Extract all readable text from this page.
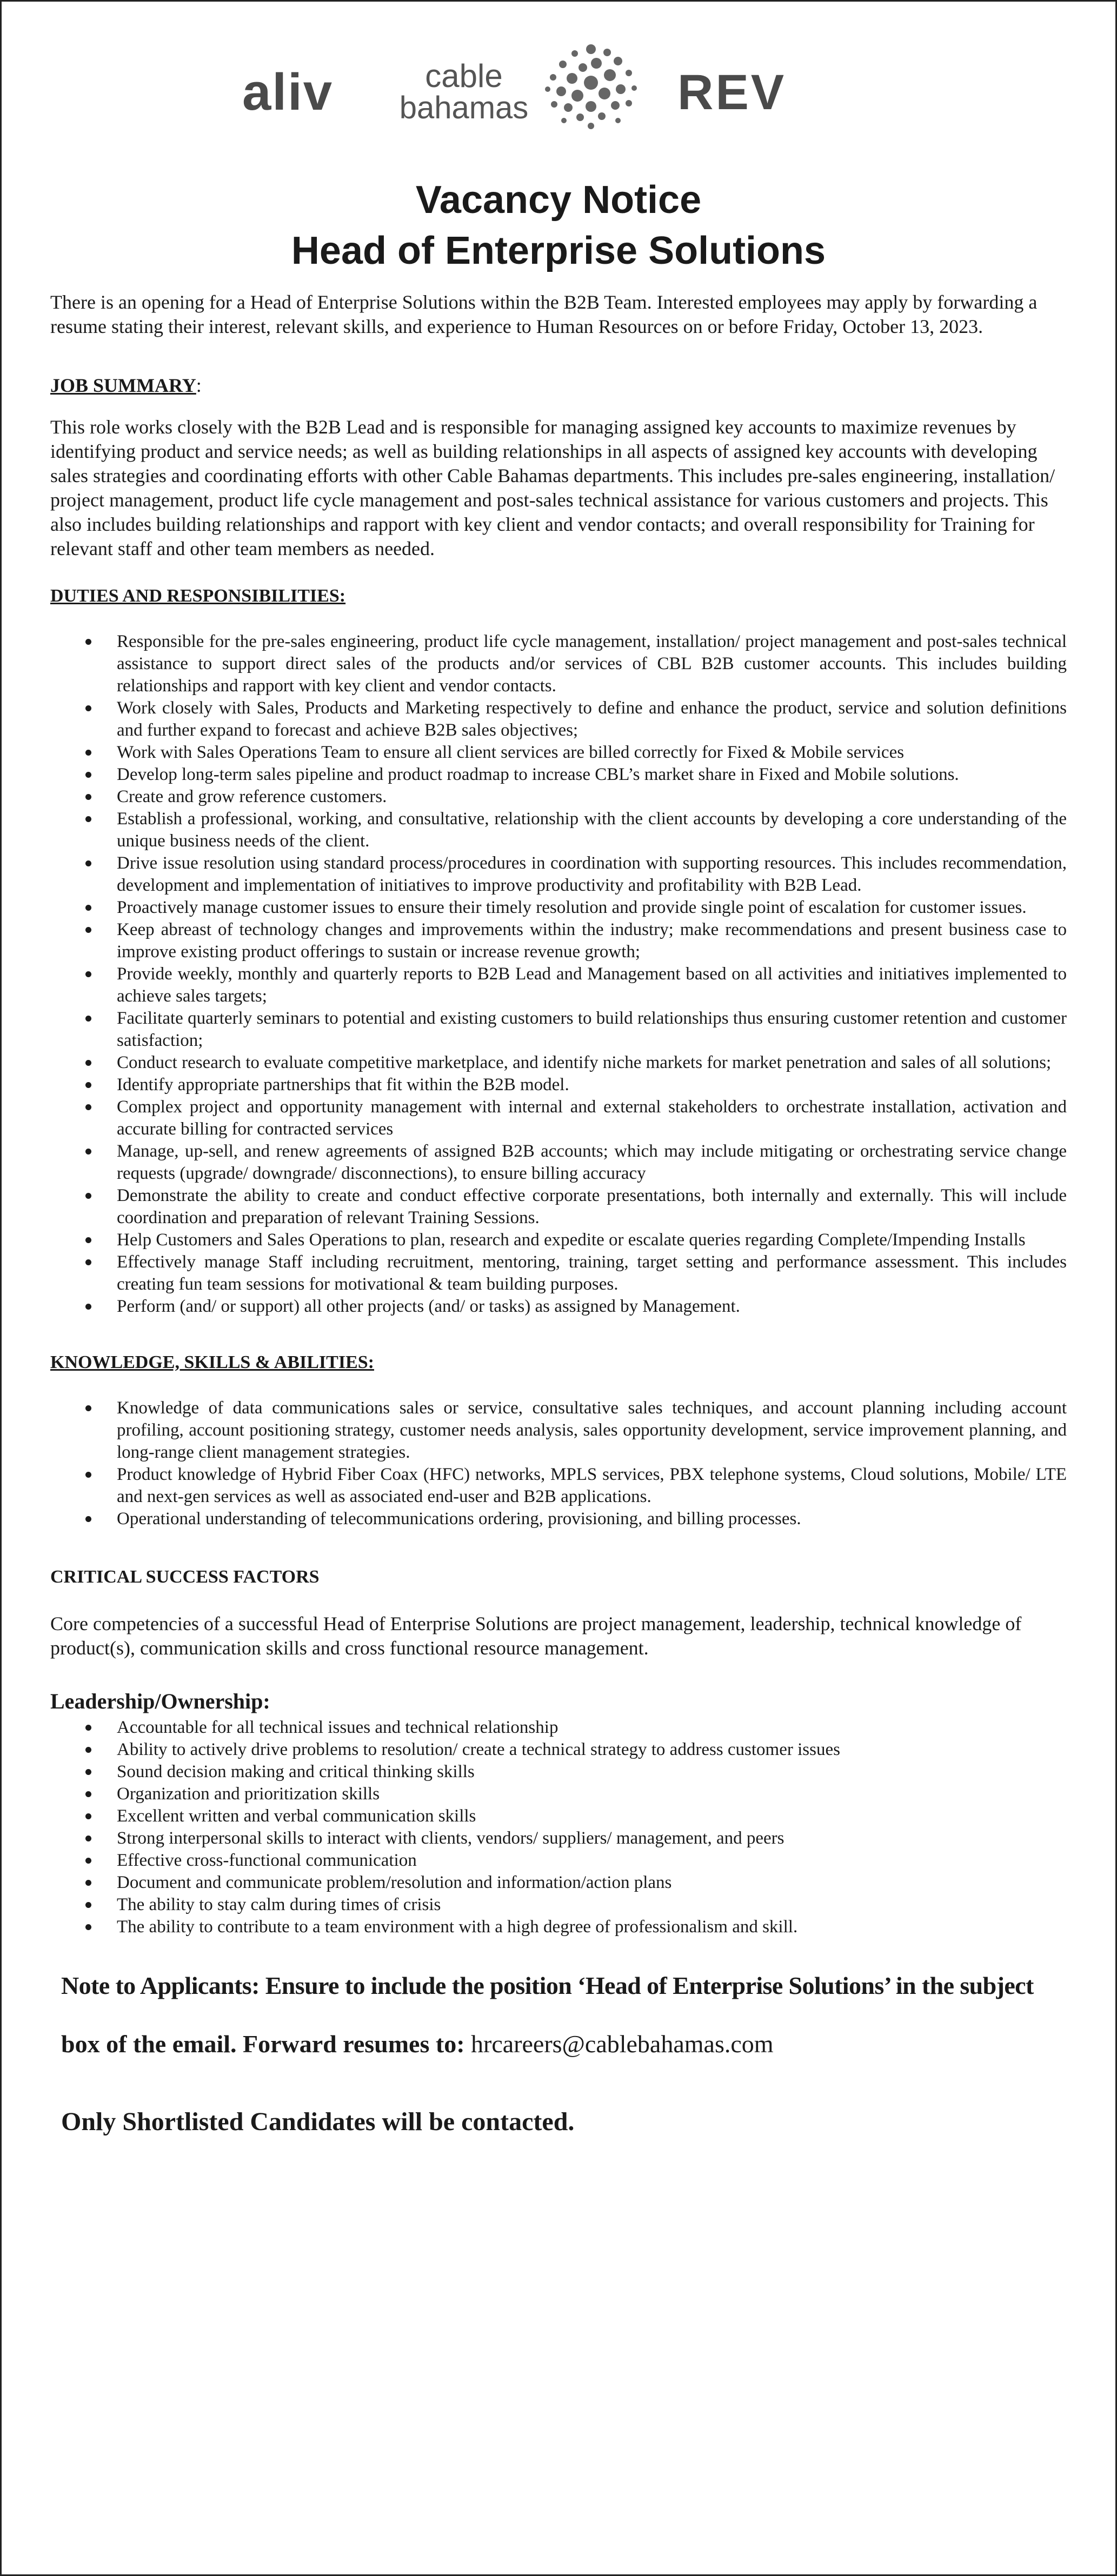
aliv	cable
bahamas	REV
Vacancy Notice
Head of Enterprise Solutions

There is an opening for a Head of Enterprise Solutions within the B2B Team. Interested employees may apply by forwarding a resume stating their interest, relevant skills, and experience to Human Resources on or before Friday, October 13, 2023.

JOB SUMMARY:

This role works closely with the B2B Lead and is responsible for managing assigned key accounts to maximize revenues by identifying product and service needs; as well as building relationships in all aspects of assigned key accounts with developing sales strategies and coordinating efforts with other Cable Bahamas departments. This includes pre-sales engineering, installation/ project management, product life cycle management and post-sales technical assistance for various customers and projects. This also includes building relationships and rapport with key client and vendor contacts; and overall responsibility for Training for relevant staff and other team members as needed.

DUTIES AND RESPONSIBILITIES:
Responsible for the pre-sales engineering, product life cycle management, installation/ project management and post-sales technical assistance to support direct sales of the products and/or services of CBL B2B customer accounts. This includes building relationships and rapport with key client and vendor contacts.
Work closely with Sales, Products and Marketing respectively to define and enhance the product, service and solution definitions and further expand to forecast and achieve B2B sales objectives;
Work with Sales Operations Team to ensure all client services are billed correctly for Fixed & Mobile services
Develop long-term sales pipeline and product roadmap to increase CBL’s market share in Fixed and Mobile solutions.
Create and grow reference customers.
Establish a professional, working, and consultative, relationship with the client accounts by developing a core understanding of the unique business needs of the client.
Drive issue resolution using standard process/procedures in coordination with supporting resources. This includes recommendation, development and implementation of initiatives to improve productivity and profitability with B2B Lead.
Proactively manage customer issues to ensure their timely resolution and provide single point of escalation for customer issues.
Keep abreast of technology changes and improvements within the industry; make recommendations and present business case to improve existing product offerings to sustain or increase revenue growth;
Provide weekly, monthly and quarterly reports to B2B Lead and Management based on all activities and initiatives implemented to achieve sales targets;
Facilitate quarterly seminars to potential and existing customers to build relationships thus ensuring customer retention and customer satisfaction;
Conduct research to evaluate competitive marketplace, and identify niche markets for market penetration and sales of all solutions;
Identify appropriate partnerships that fit within the B2B model.
Complex project and opportunity management with internal and external stakeholders to orchestrate installation, activation and accurate billing for contracted services
Manage, up-sell, and renew agreements of assigned B2B accounts; which may include mitigating or orchestrating service change requests (upgrade/ downgrade/ disconnections), to ensure billing accuracy
Demonstrate the ability to create and conduct effective corporate presentations, both internally and externally. This will include coordination and preparation of relevant Training Sessions.
Help Customers and Sales Operations to plan, research and expedite or escalate queries regarding Complete/Impending Installs
Effectively manage Staff including recruitment, mentoring, training, target setting and performance assessment. This includes creating fun team sessions for motivational & team building purposes.
Perform (and/ or support) all other projects (and/ or tasks) as assigned by Management.
KNOWLEDGE, SKILLS & ABILITIES:
Knowledge of data communications sales or service, consultative sales techniques, and account planning including account profiling, account positioning strategy, customer needs analysis, sales opportunity development, service improvement planning, and long-range client management strategies.
Product knowledge of Hybrid Fiber Coax (HFC) networks, MPLS services, PBX telephone systems, Cloud solutions, Mobile/ LTE and next-gen services as well as associated end-user and B2B applications.
Operational understanding of telecommunications ordering, provisioning, and billing processes.
CRITICAL SUCCESS FACTORS

Core competencies of a successful Head of Enterprise Solutions are project management, leadership, technical knowledge of product(s), communication skills and cross functional resource management.

Leadership/Ownership:
Accountable for all technical issues and technical relationship
Ability to actively drive problems to resolution/ create a technical strategy to address customer issues
Sound decision making and critical thinking skills
Organization and prioritization skills
Excellent written and verbal communication skills
Strong interpersonal skills to interact with clients, vendors/ suppliers/ management, and peers
Effective cross-functional communication
Document and communicate problem/resolution and information/action plans
The ability to stay calm during times of crisis
The ability to contribute to a team environment with a high degree of professionalism and skill.
Note to Applicants: Ensure to include the position ‘Head of Enterprise Solutions’ in the subject
box of the email. Forward resumes to: hrcareers@cablebahamas.com
Only Shortlisted Candidates will be contacted.
